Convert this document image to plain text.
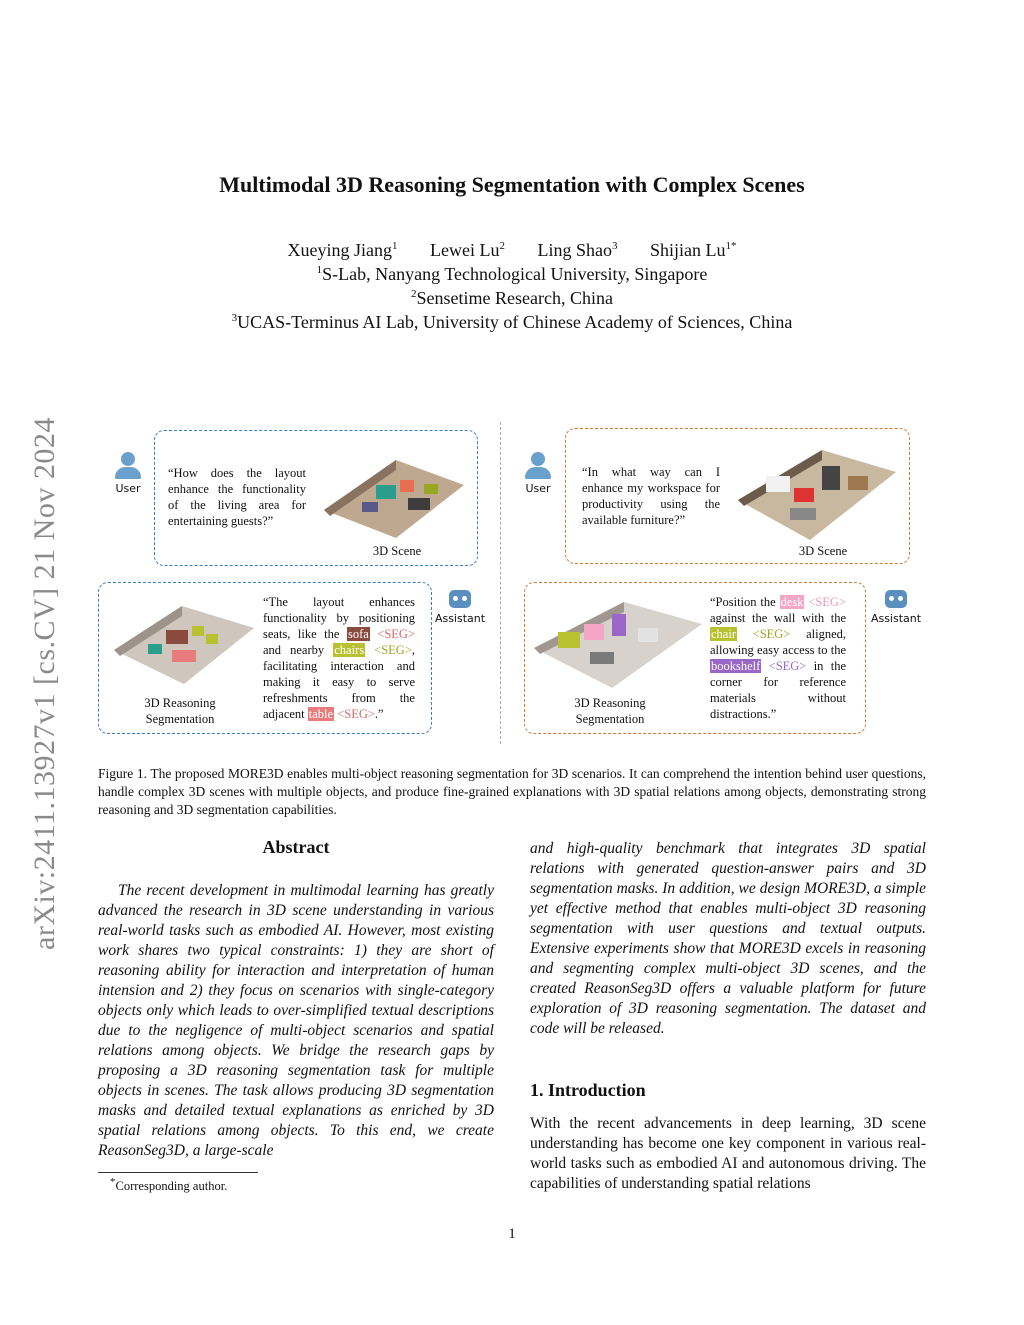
arXiv:2411.13927v1 [cs.CV] 21 Nov 2024
Multimodal 3D Reasoning Segmentation with Complex Scenes
Xueying Jiang$^1$ Lewei Lu$^2$ Ling Shao$^3$ Shijian $Lu^{1*}$
$^1$S-Lab, Nanyang Technological University, Singapore
$^2$Sensetime Research, China
$^3$UCAS-Terminus AI Lab, University of Chinese Academy of Sciences, China
User
“How does the layout enhance the functionality of the living area for entertaining guests?”
3D Scene
3D Reasoning
Segmentation
“The layout enhances functionality by positioning seats, like the sofa <SEG> and nearby chairs <SEG>, facilitating interaction and making it easy to serve refreshments from the adjacent table <SEG>.”
Assistant
User
“In what way can I enhance my workspace for productivity using the available furniture?”
3D Scene
3D Reasoning
Segmentation
“Position the desk <SEG> against the wall with the chair <SEG> aligned, allowing easy access to the bookshelf <SEG> in the corner for reference materials without distractions.”
Assistant
Figure 1. The proposed MORE3D enables multi-object reasoning segmentation for 3D scenarios. It can comprehend the intention behind user questions, handle complex 3D scenes with multiple objects, and produce fine-grained explanations with 3D spatial relations among objects, demonstrating strong reasoning and 3D segmentation capabilities.
Abstract
The recent development in multimodal learning has greatly advanced the research in 3D scene understanding in various real-world tasks such as embodied AI. However, most existing work shares two typical constraints: 1) they are short of reasoning ability for interaction and interpretation of human intension and 2) they focus on scenarios with single-category objects only which leads to over-simplified textual descriptions due to the negligence of multi-object scenarios and spatial relations among objects. We bridge the research gaps by proposing a 3D reasoning segmentation task for multiple objects in scenes. The task allows producing 3D segmentation masks and detailed textual explanations as enriched by 3D spatial relations among objects. To this end, we create ReasonSeg3D, a large-scale
and high-quality benchmark that integrates 3D spatial relations with generated question-answer pairs and 3D segmentation masks. In addition, we design MORE3D, a simple yet effective method that enables multi-object 3D reasoning segmentation with user questions and textual outputs. Extensive experiments show that MORE3D excels in reasoning and segmenting complex multi-object 3D scenes, and the created ReasonSeg3D offers a valuable platform for future exploration of 3D reasoning segmentation. The dataset and code will be released.
1. Introduction
With the recent advancements in deep learning, 3D scene understanding has become one key component in various real-world tasks such as embodied AI and autonomous driving. The capabilities of understanding spatial relations
*Corresponding author.
1
